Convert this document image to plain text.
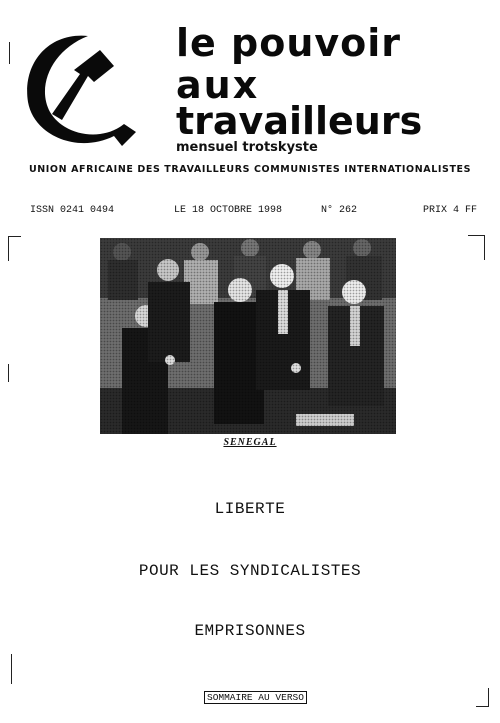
le pouvoir
aux
travailleurs
mensuel trotskyste
UNION AFRICAINE DES TRAVAILLEURS COMMUNISTES INTERNATIONALISTES
ISSN 0241 0494	LE 18 OCTOBRE 1998	N° 262	PRIX 4 FF
SENEGAL
LIBERTE
POUR LES SYNDICALISTES
EMPRISONNES
SOMMAIRE AU VERSO
